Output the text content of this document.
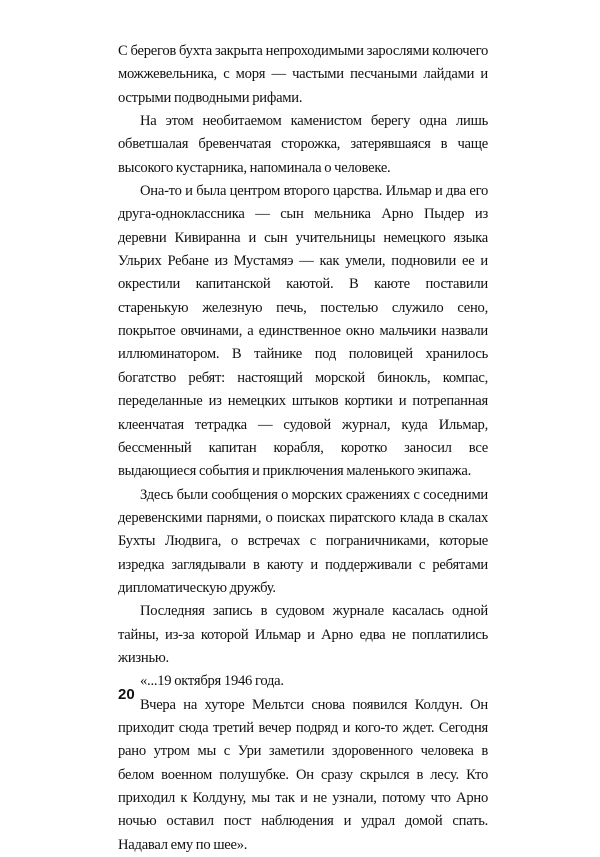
С берегов бухта закрыта непроходимыми зарослями колючего можжевельника, с моря — частыми песчаными лайдами и острыми подводными рифами.

На этом необитаемом каменистом берегу одна лишь обветшалая бревенчатая сторожка, затерявшаяся в чаще высокого кустарника, напоминала о человеке.

Она-то и была центром второго царства. Ильмар и два его друга-одноклассника — сын мельника Арно Пыдер из деревни Кивиранна и сын учительницы немецкого языка Ульрих Ребане из Мустамяэ — как умели, подновили ее и окрестили капитанской каютой. В каюте поставили старенькую железную печь, постелью служило сено, покрытое овчинами, а единственное окно мальчики назвали иллюминатором. В тайнике под половицей хранилось богатство ребят: настоящий морской бинокль, компас, переделанные из немецких штыков кортики и потрепанная клеенчатая тетрадка — судовой журнал, куда Ильмар, бессменный капитан корабля, коротко заносил все выдающиеся события и приключения маленького экипажа.

Здесь были сообщения о морских сражениях с соседними деревенскими парнями, о поисках пиратского клада в скалах Бухты Людвига, о встречах с пограничниками, которые изредка заглядывали в каюту и поддерживали с ребятами дипломатическую дружбу.

Последняя запись в судовом журнале касалась одной тайны, из-за которой Ильмар и Арно едва не поплатились жизнью.

«...19 октября 1946 года.

Вчера на хуторе Мельтси снова появился Колдун. Он приходит сюда третий вечер подряд и кого-то ждет. Сегодня рано утром мы с Ури заметили здоровенного человека в белом военном полушубке. Он сразу скрылся в лесу. Кто приходил к Колдуну, мы так и не узнали, потому что Арно ночью оставил пост наблюдения и удрал домой спать. Надавал ему по шее».

20
